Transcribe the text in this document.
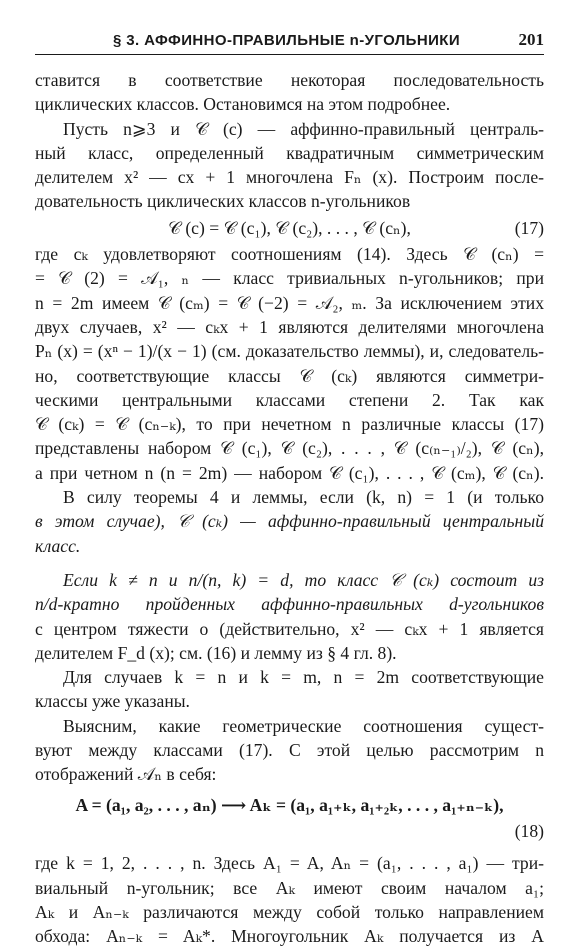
§ 3. АФФИННО-ПРАВИЛЬНЫЕ n-УГОЛЬНИКИ	201
ставится в соответствие некоторая последовательность
циклических классов. Остановимся на этом подробнее.
Пусть n⩾3 и 𝒞 (c) — аффинно-правильный централь-
ный класс, определенный квадратичным симметрическим
делителем x² — cx + 1 многочлена Fₙ (x). Построим после-
довательность циклических классов n-угольников
𝒞 (c) = 𝒞 (c₁), 𝒞 (c₂), . . . , 𝒞 (cₙ),	(17)
где cₖ удовлетворяют соотношениям (14). Здесь 𝒞 (cₙ) =
= 𝒞 (2) = 𝒜₁, ₙ — класс тривиальных n-угольников; при
n = 2m имеем 𝒞 (cₘ) = 𝒞 (−2) = 𝒜₂, ₘ. За исключением этих
двух случаев, x² — cₖx + 1 являются делителями многочлена
Pₙ (x) = (xⁿ − 1)/(x − 1) (см. доказательство леммы), и, следователь-
но, соответствующие классы 𝒞 (cₖ) являются симметри-
ческими центральными классами степени 2. Так как
𝒞 (cₖ) = 𝒞 (cₙ₋ₖ), то при нечетном n различные классы (17)
представлены набором 𝒞 (c₁), 𝒞 (c₂), . . . , 𝒞 (c₍ₙ₋₁₎/₂), 𝒞 (cₙ),
а при четном n (n = 2m) — набором 𝒞 (c₁), . . . , 𝒞 (cₘ), 𝒞 (cₙ).
В силу теоремы 4 и леммы, если (k, n) = 1 (и только
в этом случае), 𝒞 (cₖ) — аффинно-правильный центральный
класс.
Если k ≠ n и n/(n, k) = d, то класс 𝒞 (cₖ) состоит из
n/d-кратно пройденных аффинно-правильных d-угольников
с центром тяжести o (действительно, x² — cₖx + 1 является
делителем F_d (x); см. (16) и лемму из § 4 гл. 8).
Для случаев k = n и k = m, n = 2m соответствующие
классы уже указаны.
Выясним, какие геометрические соотношения сущест-
вуют между классами (17). С этой целью рассмотрим n
отображений 𝒜ₙ в себя:
A = (a₁, a₂, . . . , aₙ) ⟶ Aₖ = (a₁, a₁₊ₖ, a₁₊₂ₖ, . . . , a₁₊ₙ₋ₖ),
(18)
где k = 1, 2, . . . , n. Здесь A₁ = A, Aₙ = (a₁, . . . , a₁) — три-
виальный n-угольник; все Aₖ имеют своим началом a₁;
Aₖ и Aₙ₋ₖ различаются между собой только направлением
обхода: Aₙ₋ₖ = Aₖ*. Многоугольник Aₖ получается из A
